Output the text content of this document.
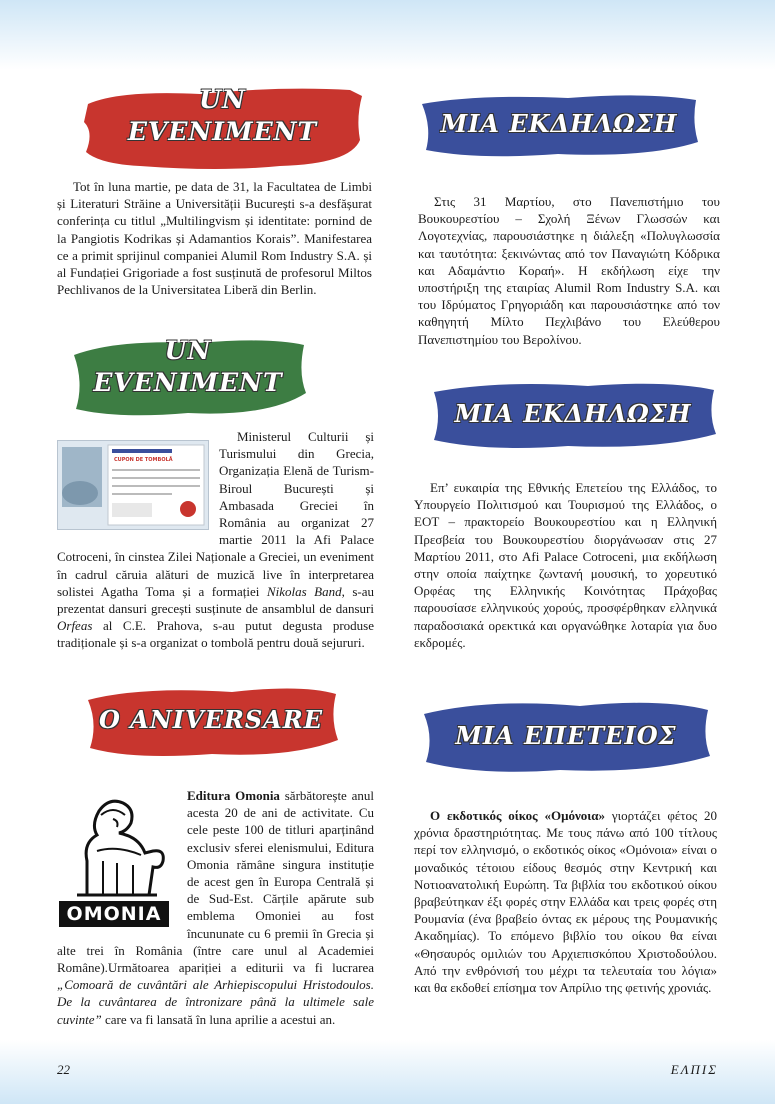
UN
EVENIMENT

Tot în luna martie, pe data de 31, la Facultatea de Limbi și Literaturi Străine a Universității București s-a desfășurat conferința cu titlul „Multilingvism și identitate: pornind de la Pangiotis Kodrikas și Adamantios Korais”. Manifestarea ce a primit sprijinul companiei Alumil Rom Industry S.A. și al Fundației Grigoriade a fost susținută de profesorul Miltos Pechlivanos de la Universitatea Liberă din Berlin.

ΜΙΑ ΕΚΔΗΛΩΣΗ

Στις 31 Μαρτίου, στο Πανεπιστήμιο του Βουκουρεστίου – Σχολή Ξένων Γλωσσών και Λογοτεχνίας, παρουσιάστηκε η διάλεξη «Πολυγλωσσία και ταυτότητα: ξεκινώντας από τον Παναγιώτη Κόδρικα και Αδαμάντιο Κοραή». Η εκδήλωση είχε την υποστήριξη της εταιρίας Alumil Rom Industry S.A. και του Ιδρύματος Γρηγοριάδη και παρουσιάστηκε από τον καθηγητή Μίλτο Πεχλιβάνο του Ελεύθερου Πανεπιστημίου του Βερολίνου.

UN
EVENIMENT

CUPON DE TOMBOLĂ
Ministerul Culturii și Turismului din Grecia, Organizația Elenă de Turism-Biroul București și Ambasada Greciei în România au organizat 27 martie 2011 la Afi Palace Cotroceni, în cinstea Zilei Naționale a Greciei, un eveniment în cadrul căruia alături de muzică live în interpretarea solistei Agatha Toma și a formației Nikolas Band, s-au prezentat dansuri grecești susținute de ansamblul de dansuri Orfeas al C.E. Prahova, s-au putut degusta produse tradiționale și s-a organizat o tombolă pentru două sejururi.

ΜΙΑ ΕΚΔΗΛΩΣΗ

Επ’ ευκαιρία της Εθνικής Επετείου της Ελλάδος, το Υπουργείο Πολιτισμού και Τουρισμού της Ελλάδος, ο ΕΟΤ – πρακτορείο Βουκουρεστίου και η Ελληνική Πρεσβεία του Βουκουρεστίου διοργάνωσαν στις 27 Μαρτίου 2011, στο Afi Palace Cotroceni, μια εκδήλωση στην οποία παίχτηκε ζωντανή μουσική, το χορευτικό Ορφέας της Ελληνικής Κοινότητας Πράχοβας παρουσίασε ελληνικούς χορούς, προσφέρθηκαν ελληνικά παραδοσιακά ορεκτικά και οργανώθηκε λοταρία για δυο εκδρομές.

O ANIVERSARE

OMONIA
Editura Omonia sărbătorește anul acesta 20 de ani de activitate. Cu cele peste 100 de titluri aparținând exclusiv sferei elenismului, Editura Omonia rămâne singura instituție de acest gen în Europa Centrală și de Sud-Est. Cărțile apărute sub emblema Omoniei au fost încununate cu 6 premii în Grecia și alte trei în România (între care unul al Academiei Române).Următoarea apariției a editurii va fi lucrarea „Comoară de cuvântări ale Arhiepiscopului Hristodoulos. De la cuvântarea de întronizare până la ultimele sale cuvinte” care va fi lansată în luna aprilie a acestui an.

ΜΙΑ ΕΠΕΤΕΙΟΣ

Ο εκδοτικός οίκος «Ομόνοια» γιορτάζει φέτος 20 χρόνια δραστηριότητας. Με τους πάνω από 100 τίτλους περί τον ελληνισμό, ο εκδοτικός οίκος «Ομόνοια» είναι ο μοναδικός τέτοιου είδους θεσμός στην Κεντρική και Νοτιοανατολική Ευρώπη. Τα βιβλία του εκδοτικού οίκου βραβεύτηκαν έξι φορές στην Ελλάδα και τρεις φορές στη Ρουμανία (ένα βραβείο όντας εκ μέρους της Ρουμανικής Ακαδημίας). Το επόμενο βιβλίο του οίκου θα είναι «Θησαυρός ομιλιών του Αρχιεπισκόπου Χριστοδούλου. Από την ενθρόνισή του μέχρι τα τελευταία του λόγια» και θα εκδοθεί επίσημα τον Απρίλιο της φετινής χρονιάς.

22	ΕΛΠΙΣ
